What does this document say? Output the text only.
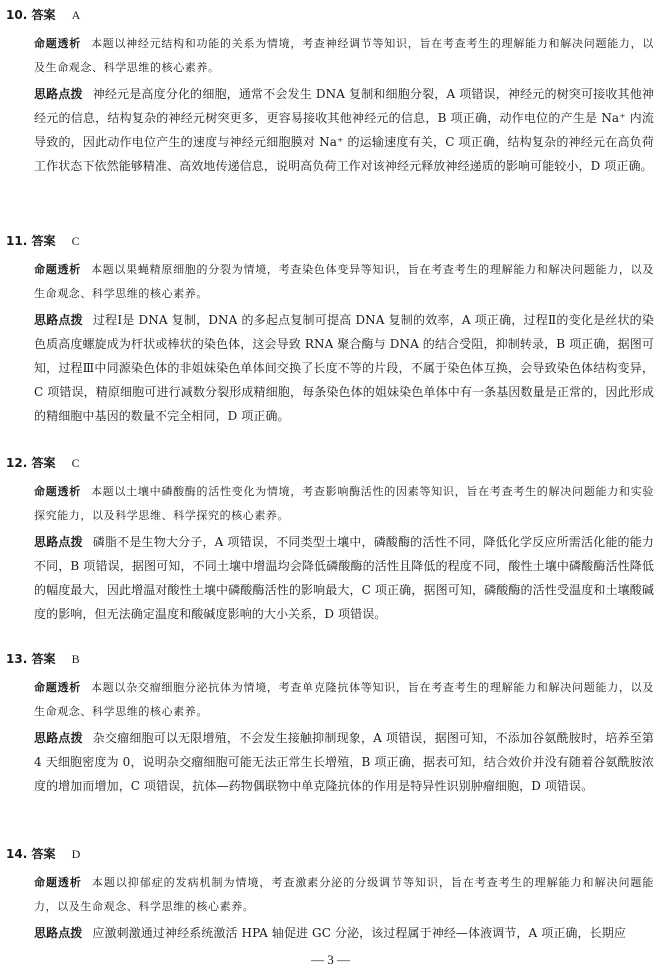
10. 答案 A

命题透析 本题以神经元结构和功能的关系为情境，考查神经调节等知识，旨在考查考生的理解能力和解决问题能力，以及生命观念、科学思维的核心素养。

思路点拨 神经元是高度分化的细胞，通常不会发生 DNA 复制和细胞分裂，A 项错误，神经元的树突可接收其他神经元的信息，结构复杂的神经元树突更多，更容易接收其他神经元的信息，B 项正确，动作电位的产生是 Na⁺ 内流导致的，因此动作电位产生的速度与神经元细胞膜对 Na⁺ 的运输速度有关，C 项正确，结构复杂的神经元在高负荷工作状态下依然能够精准、高效地传递信息，说明高负荷工作对该神经元释放神经递质的影响可能较小，D 项正确。

11. 答案 C

命题透析 本题以果蝇精原细胞的分裂为情境，考查染色体变异等知识，旨在考查考生的理解能力和解决问题能力，以及生命观念、科学思维的核心素养。

思路点拨 过程Ⅰ是 DNA 复制，DNA 的多起点复制可提高 DNA 复制的效率，A 项正确，过程Ⅱ的变化是丝状的染色质高度螺旋成为杆状或棒状的染色体，这会导致 RNA 聚合酶与 DNA 的结合受阻，抑制转录，B 项正确，据图可知，过程Ⅲ中同源染色体的非姐妹染色单体间交换了长度不等的片段，不属于染色体互换，会导致染色体结构变异，C 项错误，精原细胞可进行减数分裂形成精细胞，每条染色体的姐妹染色单体中有一条基因数量是正常的，因此形成的精细胞中基因的数量不完全相同，D 项正确。

12. 答案 C

命题透析 本题以土壤中磷酸酶的活性变化为情境，考查影响酶活性的因素等知识，旨在考查考生的解决问题能力和实验探究能力，以及科学思维、科学探究的核心素养。

思路点拨 磷脂不是生物大分子，A 项错误，不同类型土壤中，磷酸酶的活性不同，降低化学反应所需活化能的能力不同，B 项错误，据图可知，不同土壤中增温均会降低磷酸酶的活性且降低的程度不同，酸性土壤中磷酸酶活性降低的幅度最大，因此增温对酸性土壤中磷酸酶活性的影响最大，C 项正确，据图可知，磷酸酶的活性受温度和土壤酸碱度的影响，但无法确定温度和酸碱度影响的大小关系，D 项错误。

13. 答案 B

命题透析 本题以杂交瘤细胞分泌抗体为情境，考查单克隆抗体等知识，旨在考查考生的理解能力和解决问题能力，以及生命观念、科学思维的核心素养。

思路点拨 杂交瘤细胞可以无限增殖，不会发生接触抑制现象，A 项错误，据图可知，不添加谷氨酰胺时，培养至第 4 天细胞密度为 0，说明杂交瘤细胞可能无法正常生长增殖，B 项正确，据表可知，结合效价并没有随着谷氨酰胺浓度的增加而增加，C 项错误，抗体—药物偶联物中单克隆抗体的作用是特异性识别肿瘤细胞，D 项错误。

14. 答案 D

命题透析 本题以抑郁症的发病机制为情境，考查激素分泌的分级调节等知识，旨在考查考生的理解能力和解决问题能力，以及生命观念、科学思维的核心素养。

思路点拨 应激刺激通过神经系统激活 HPA 轴促进 GC 分泌，该过程属于神经—体液调节，A 项正确，长期应

— 3 —
